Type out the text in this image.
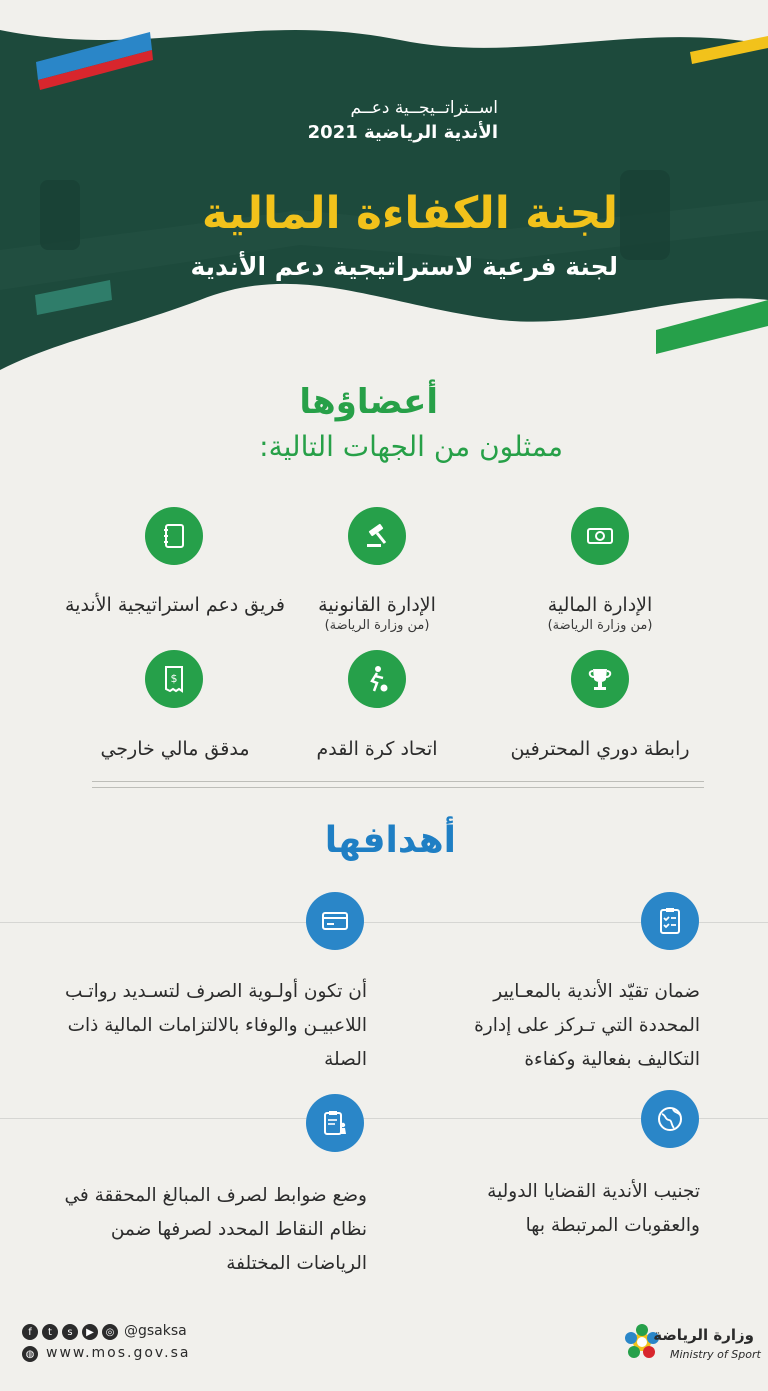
اســتراتــيجــية دعــم

الأندية الرياضية 2021

لجنة الكفاءة المالية

لجنة فرعية لاستراتيجية دعم الأندية

أعضاؤها

ممثلون من الجهات التالية:

الإدارة المالية

(من وزارة الرياضة)

الإدارة القانونية

(من وزارة الرياضة)

فريق دعم استراتيجية الأندية

رابطة دوري المحترفين

اتحاد كرة القدم

$

مدقق مالي خارجي

أهدافها

ضمان تقيّد الأندية بالمعـايير المحددة التي تـركز على إدارة التكاليف بفعالية وكفاءة

أن تكون أولـوية الصرف لتسـديد رواتـب اللاعبيـن والوفاء بالالتزامات المالية ذات الصلة

تجنيب الأندية القضايا الدولية والعقوبات المرتبطة بها

وضع ضوابط لصرف المبالغ المحققة في نظام النقاط المحدد لصرفها ضمن الرياضات المختلفة

f	t	s	▶	◎ @gsaksa

◍ www.mos.gov.sa

وزارة الرياضة

Ministry of Sport
